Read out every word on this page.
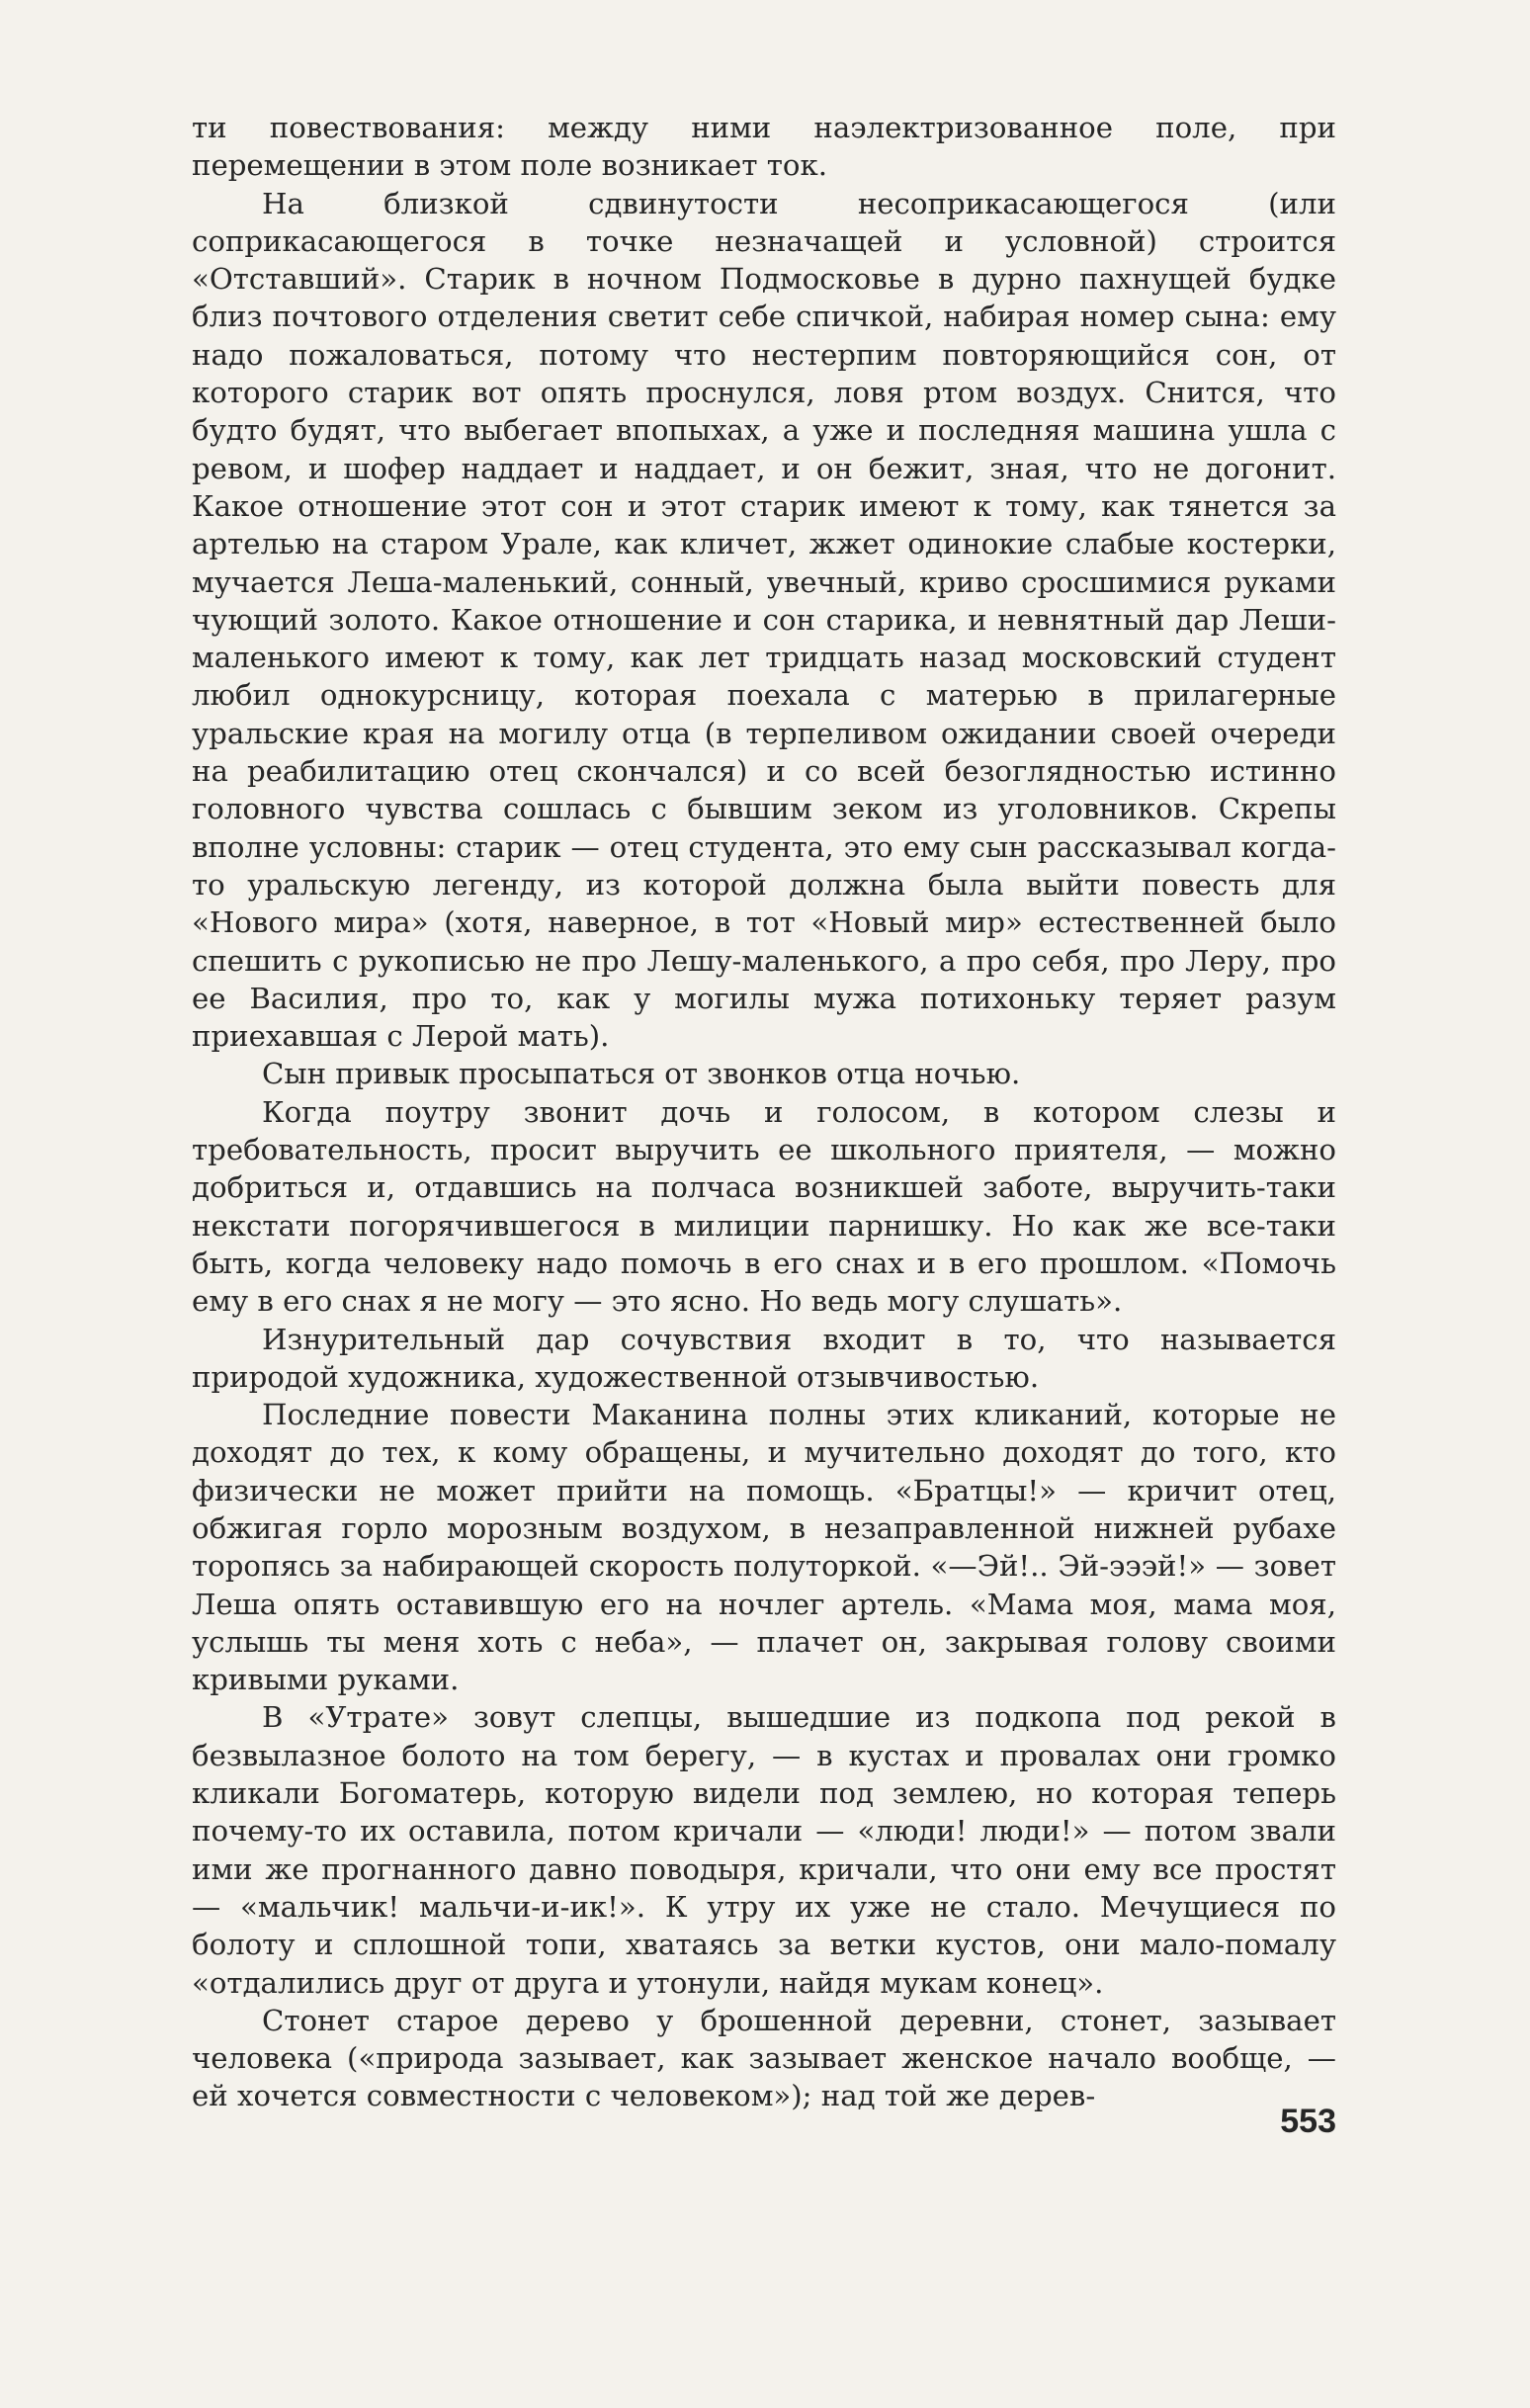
ти повествования: между ними наэлектризованное поле, при перемещении в этом поле возникает ток.

На близкой сдвинутости несоприкасающегося (или соприкасающегося в точке незначащей и условной) строится «Отставший». Старик в ночном Подмосковье в дурно пахнущей будке близ почтового отделения светит себе спичкой, набирая номер сына: ему надо пожаловаться, потому что нестерпим повторяющийся сон, от которого старик вот опять проснулся, ловя ртом воздух. Снится, что будто будят, что выбегает впопыхах, а уже и последняя машина ушла с ревом, и шофер наддает и наддает, и он бежит, зная, что не догонит. Какое отношение этот сон и этот старик имеют к тому, как тянется за артелью на старом Урале, как кличет, жжет одинокие слабые костерки, мучается Леша-маленький, сонный, увечный, криво сросшимися руками чующий золото. Какое отношение и сон старика, и невнятный дар Леши-маленького имеют к тому, как лет тридцать назад московский студент любил однокурсницу, которая поехала с матерью в прилагерные уральские края на могилу отца (в терпеливом ожидании своей очереди на реабилитацию отец скончался) и со всей безоглядностью истинно головного чувства сошлась с бывшим зеком из уголовников. Скрепы вполне условны: старик — отец студента, это ему сын рассказывал когда-то уральскую легенду, из которой должна была выйти повесть для «Нового мира» (хотя, наверное, в тот «Новый мир» естественней было спешить с рукописью не про Лешу-маленького, а про себя, про Леру, про ее Василия, про то, как у могилы мужа потихоньку теряет разум приехавшая с Лерой мать).

Сын привык просыпаться от звонков отца ночью.

Когда поутру звонит дочь и голосом, в котором слезы и требовательность, просит выручить ее школьного приятеля, — можно добриться и, отдавшись на полчаса возникшей заботе, выручить-таки некстати погорячившегося в милиции парнишку. Но как же все-таки быть, когда человеку надо помочь в его снах и в его прошлом. «Помочь ему в его снах я не могу — это ясно. Но ведь могу слушать».

Изнурительный дар сочувствия входит в то, что называется природой художника, художественной отзывчивостью.

Последние повести Маканина полны этих кликаний, которые не доходят до тех, к кому обращены, и мучительно доходят до того, кто физически не может прийти на помощь. «Братцы!» — кричит отец, обжигая горло морозным воздухом, в незаправленной нижней рубахе торопясь за набирающей скорость полуторкой. «—Эй!.. Эй-эээй!» — зовет Леша опять оставившую его на ночлег артель. «Мама моя, мама моя, услышь ты меня хоть с неба», — плачет он, закрывая голову своими кривыми руками.

В «Утрате» зовут слепцы, вышедшие из подкопа под рекой в безвылазное болото на том берегу, — в кустах и провалах они громко кликали Богоматерь, которую видели под землею, но которая теперь почему-то их оставила, потом кричали — «люди! люди!» — потом звали ими же прогнанного давно поводыря, кричали, что они ему все простят — «мальчик! мальчи-и-ик!». К утру их уже не стало. Мечущиеся по болоту и сплошной топи, хватаясь за ветки кустов, они мало-помалу «отдалились друг от друга и утонули, найдя мукам конец».

Стонет старое дерево у брошенной деревни, стонет, зазывает человека («природа зазывает, как зазывает женское начало вообще, — ей хочется совместности с человеком»); над той же дерев-

553
